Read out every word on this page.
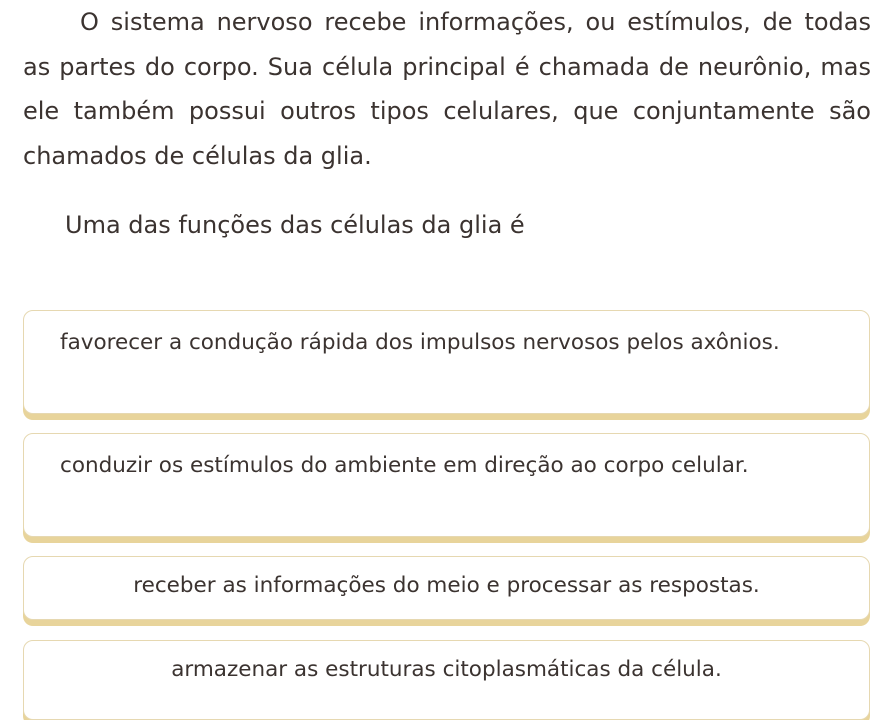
O sistema nervoso recebe informações, ou estímulos, de todas as partes do corpo. Sua célula principal é chamada de neurônio, mas ele também possui outros tipos celulares, que conjuntamente são chamados de células da glia.

Uma das funções das células da glia é

favorecer a condução rápida dos impulsos nervosos pelos axônios.
conduzir os estímulos do ambiente em direção ao corpo celular.
receber as informações do meio e processar as respostas.
armazenar as estruturas citoplasmáticas da célula.
